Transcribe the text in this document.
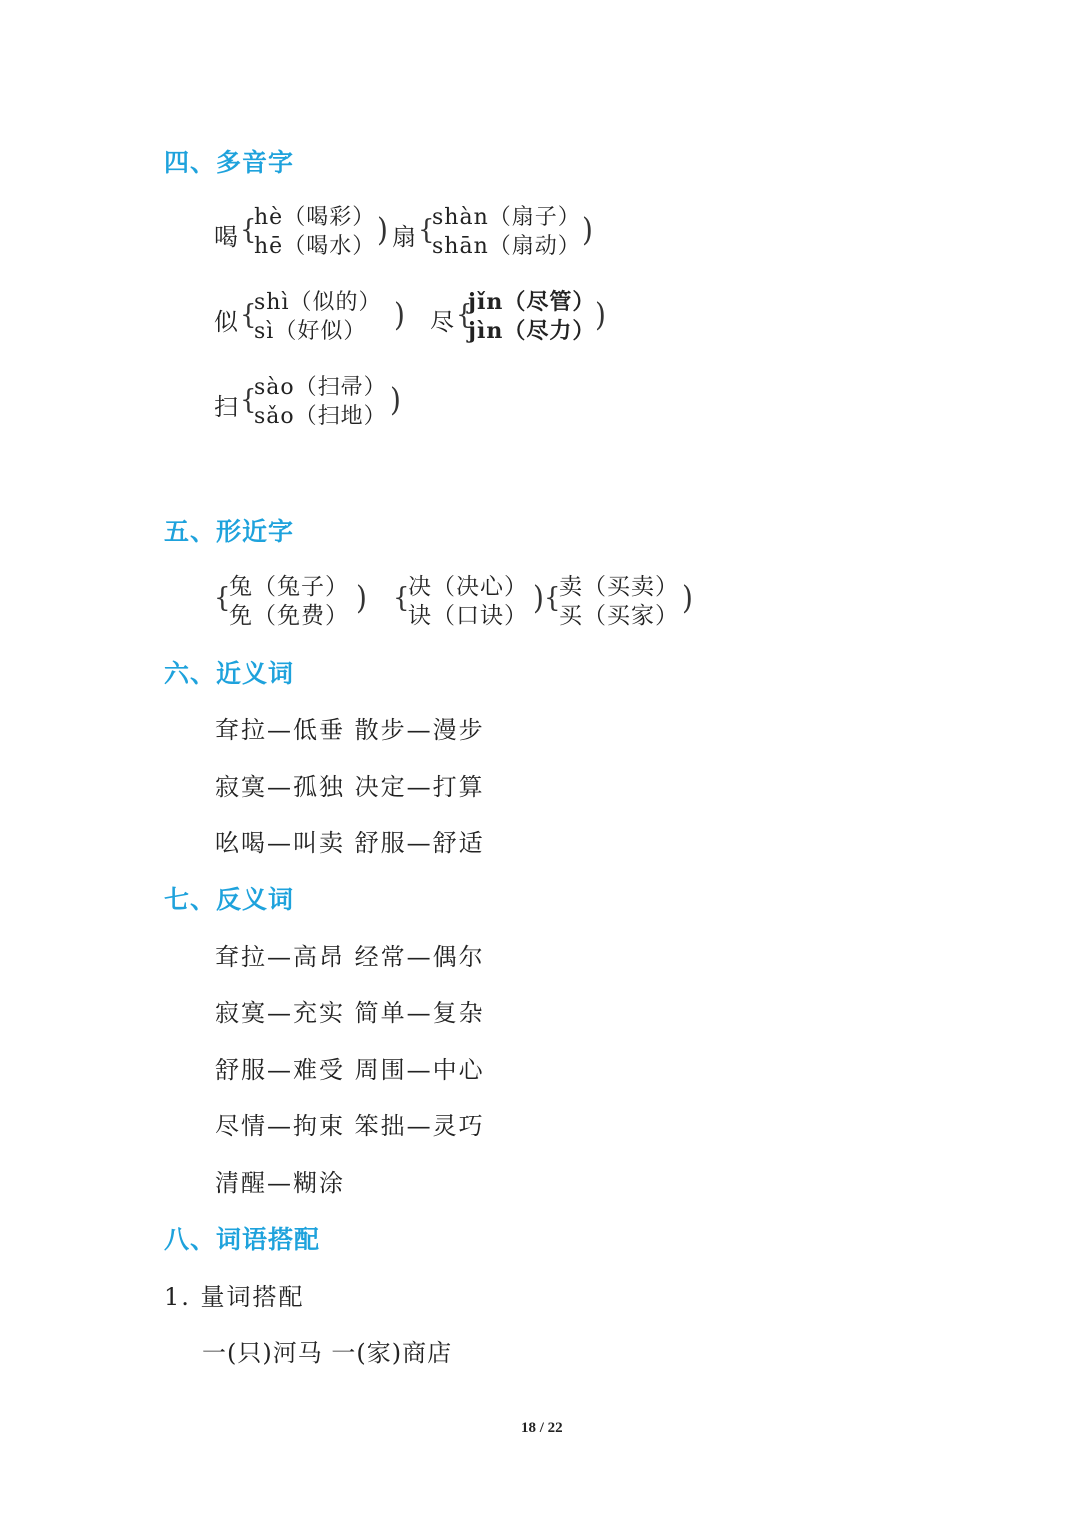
四、多音字
喝 {
hè（喝彩）
hē（喝水） ) 扇 {
shàn（扇子）
shān（扇动） )
似 {
shì（似的）
sì（好似） ) 尽 {
jǐn（尽管）
jìn（尽力） )
扫 {
sào（扫帚）
sǎo（扫地） )
五、形近字
{
兔（兔子）
免（免费） ) {
决（决心）
诀（口诀） ) {
卖（买卖）
买（买家） )
六、近义词
耷拉—低垂 散步—漫步
寂寞—孤独 决定—打算
吆喝—叫卖 舒服—舒适
七、反义词
耷拉—高昂 经常—偶尔
寂寞—充实 简单—复杂
舒服—难受 周围—中心
尽情—拘束 笨拙—灵巧
清醒—糊涂
八、词语搭配
1. 量词搭配
一(只)河马 一(家)商店
18 / 22
